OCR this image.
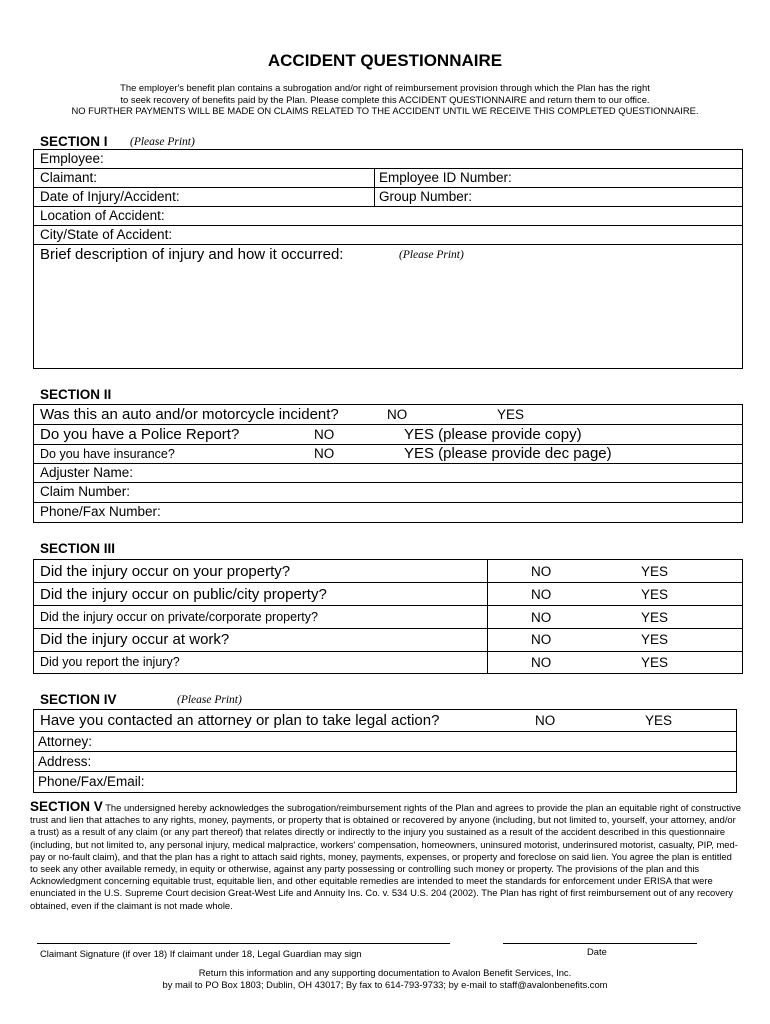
ACCIDENT QUESTIONNAIRE
The employer's benefit plan contains a subrogation and/or right of reimbursement provision through which the Plan has the right
to seek recovery of benefits paid by the Plan. Please complete this ACCIDENT QUESTIONNAIRE and return them to our office.
NO FURTHER PAYMENTS WILL BE MADE ON CLAIMS RELATED TO THE ACCIDENT UNTIL WE RECEIVE THIS COMPLETED QUESTIONNAIRE.
SECTION I (Please Print)
Employee:
Claimant:	Employee ID Number:
Date of Injury/Accident:	Group Number:
Location of Accident:
City/State of Accident:
Brief description of injury and how it occurred:	(Please Print)
SECTION II
Was this an auto and/or motorcycle incident?	NO	YES
Do you have a Police Report?	NO	YES (please provide copy)
Do you have insurance?	NO	YES (please provide dec page)
Adjuster Name:
Claim Number:
Phone/Fax Number:
SECTION III
Did the injury occur on your property?	NO	YES
Did the injury occur on public/city property?	NO	YES
Did the injury occur on private/corporate property?	NO	YES
Did the injury occur at work?	NO	YES
Did you report the injury?	NO	YES
SECTION IV	(Please Print)
Have you contacted an attorney or plan to take legal action?	NO	YES
Attorney:
Address:
Phone/Fax/Email:
SECTION V The undersigned hereby acknowledges the subrogation/reimbursement rights of the Plan and agrees to provide the plan an equitable right of constructive trust and lien that attaches to any rights, money, payments, or property that is obtained or recovered by anyone (including, but not limited to, yourself, your attorney, and/or a trust) as a result of any claim (or any part thereof) that relates directly or indirectly to the injury you sustained as a result of the accident described in this questionnaire (including, but not limited to, any personal injury, medical malpractice, workers' compensation, homeowners, uninsured motorist, underinsured motorist, casualty, PIP, med-pay or no-fault claim), and that the plan has a right to attach said rights, money, payments, expenses, or property and foreclose on said lien. You agree the plan is entitled to seek any other available remedy, in equity or otherwise, against any party possessing or controlling such money or property. The provisions of the plan and this Acknowledgment concerning equitable trust, equitable lien, and other equitable remedies are intended to meet the standards for enforcement under ERISA that were enunciated in the U.S. Supreme Court decision Great-West Life and Annuity Ins. Co. v. 534 U.S. 204 (2002). The Plan has right of first reimbursement out of any recovery obtained, even if the claimant is not made whole.
Claimant Signature (if over 18) If claimant under 18, Legal Guardian may sign	Date
Return this information and any supporting documentation to Avalon Benefit Services, Inc.
by mail to PO Box 1803; Dublin, OH 43017; By fax to 614-793-9733; by e-mail to staff@avalonbenefits.com
